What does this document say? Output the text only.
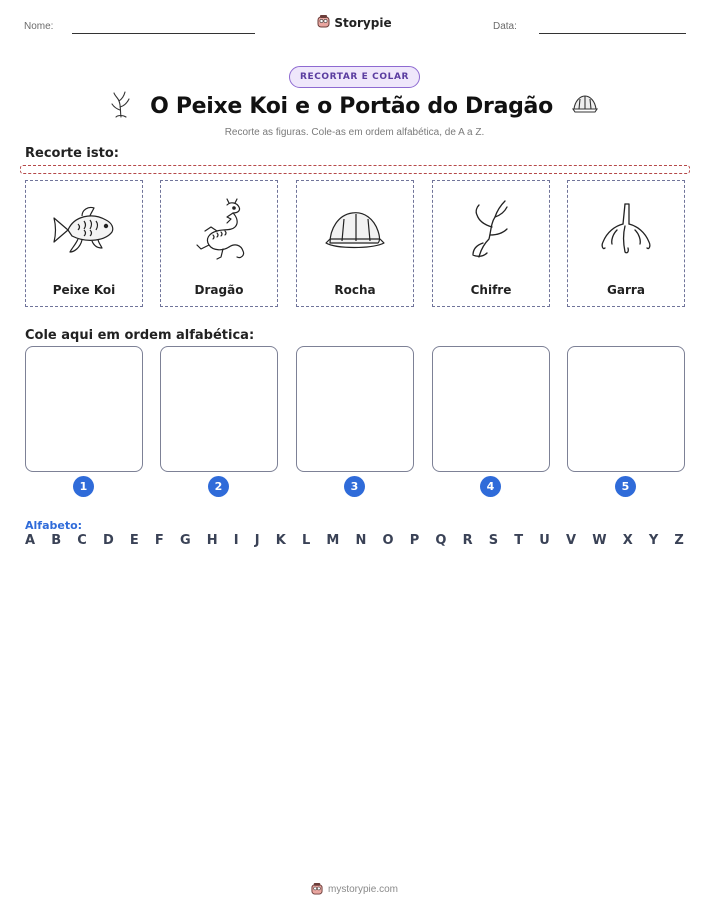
Nome:	Storypie	Data:
RECORTAR E COLAR
O Peixe Koi e o Portão do Dragão
Recorte as figuras. Cole-as em ordem alfabética, de A a Z.
Recorte isto:
Peixe Koi	Dragão	Rocha	Chifre	Garra
Cole aqui em ordem alfabética:
1	2	3	4	5
Alfabeto:
A B C D E F G H I J K L M N O P Q R S T U V W X Y Z
mystorypie.com
